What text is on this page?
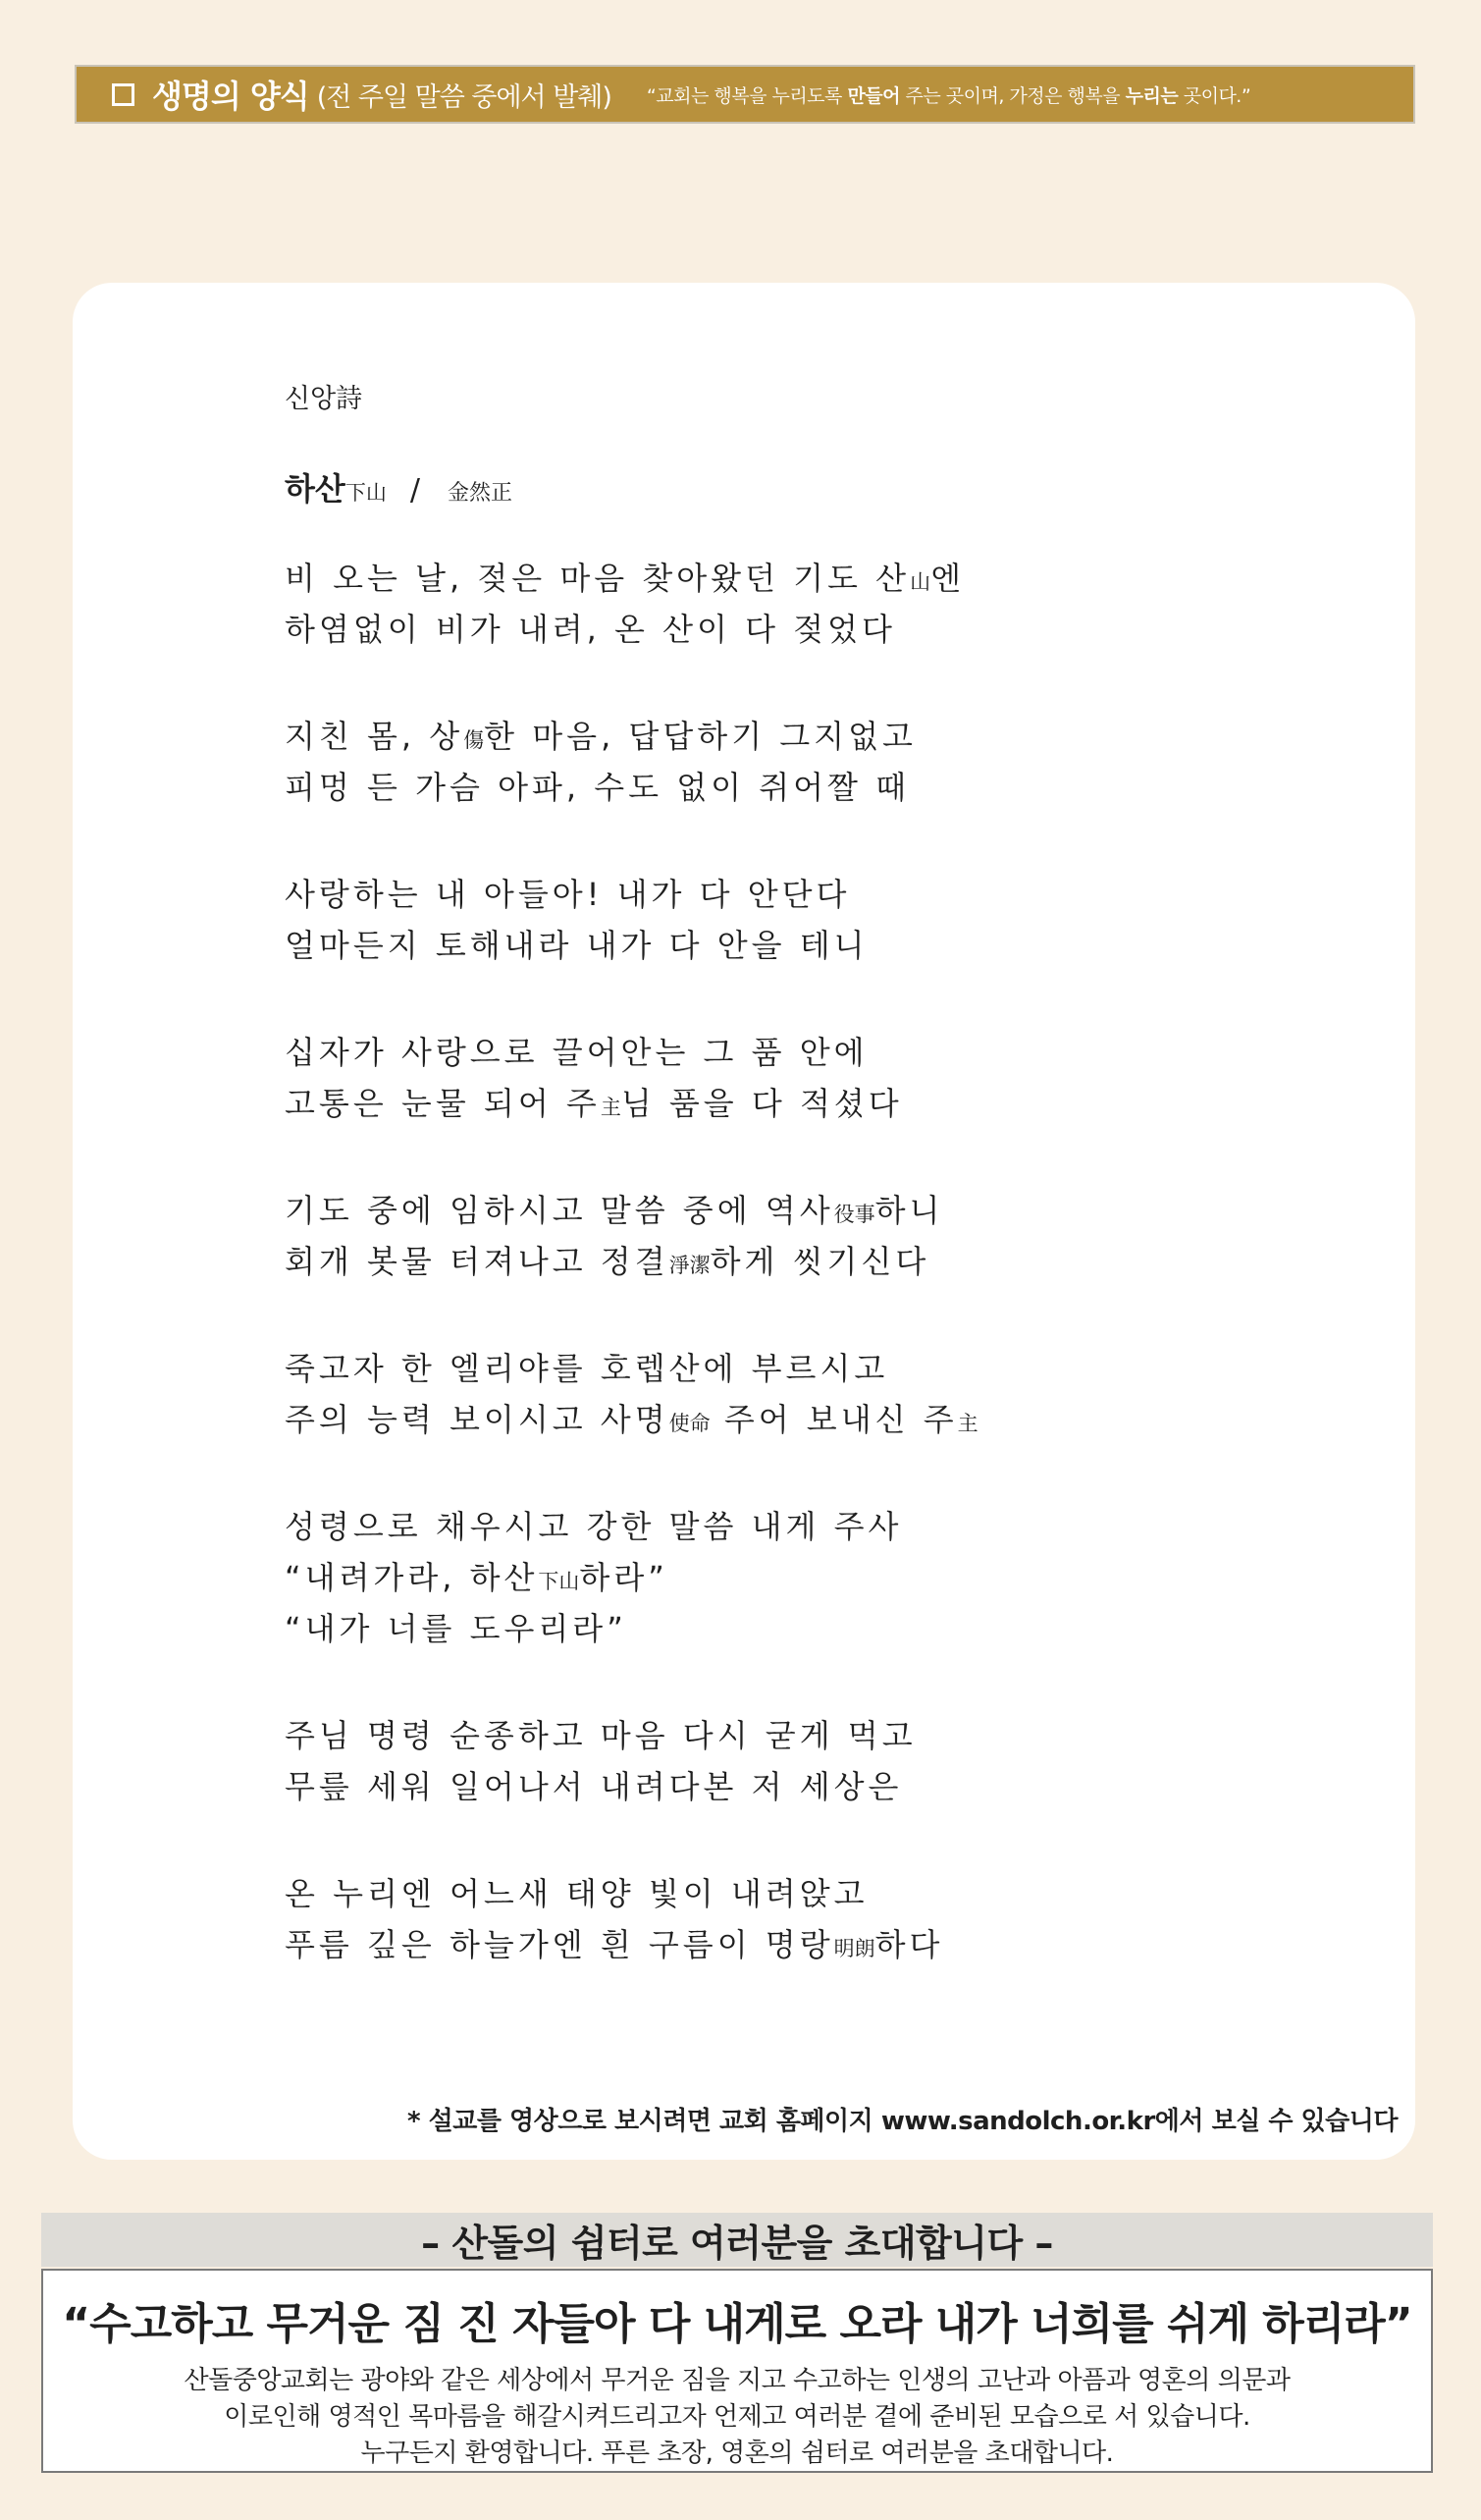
생명의 양식 (전 주일 말씀 중에서 발췌) “교회는 행복을 누리도록 만들어 주는 곳이며, 가정은 행복을 누리는 곳이다.”
신앙詩
하산下山 / 金然正
비 오는 날, 젖은 마음 찾아왔던 기도 산山엔
하염없이 비가 내려, 온 산이 다 젖었다
지친 몸, 상傷한 마음, 답답하기 그지없고
피멍 든 가슴 아파, 수도 없이 쥐어짤 때
사랑하는 내 아들아! 내가 다 안단다
얼마든지 토해내라 내가 다 안을 테니
십자가 사랑으로 끌어안는 그 품 안에
고통은 눈물 되어 주主님 품을 다 적셨다
기도 중에 임하시고 말씀 중에 역사役事하니
회개 봇물 터져나고 정결淨潔하게 씻기신다
죽고자 한 엘리야를 호렙산에 부르시고
주의 능력 보이시고 사명使命 주어 보내신 주主
성령으로 채우시고 강한 말씀 내게 주사
“내려가라, 하산下山하라”
“내가 너를 도우리라”
주님 명령 순종하고 마음 다시 굳게 먹고
무릎 세워 일어나서 내려다본 저 세상은
온 누리엔 어느새 태양 빛이 내려앉고
푸름 깊은 하늘가엔 흰 구름이 명랑明朗하다
* 설교를 영상으로 보시려면 교회 홈페이지 www.sandolch.or.kr에서 보실 수 있습니다
– 산돌의 쉼터로 여러분을 초대합니다 –
“수고하고 무거운 짐 진 자들아 다 내게로 오라 내가 너희를 쉬게 하리라”
산돌중앙교회는 광야와 같은 세상에서 무거운 짐을 지고 수고하는 인생의 고난과 아픔과 영혼의 의문과
이로인해 영적인 목마름을 해갈시켜드리고자 언제고 여러분 곁에 준비된 모습으로 서 있습니다.
누구든지 환영합니다. 푸른 초장, 영혼의 쉼터로 여러분을 초대합니다.
